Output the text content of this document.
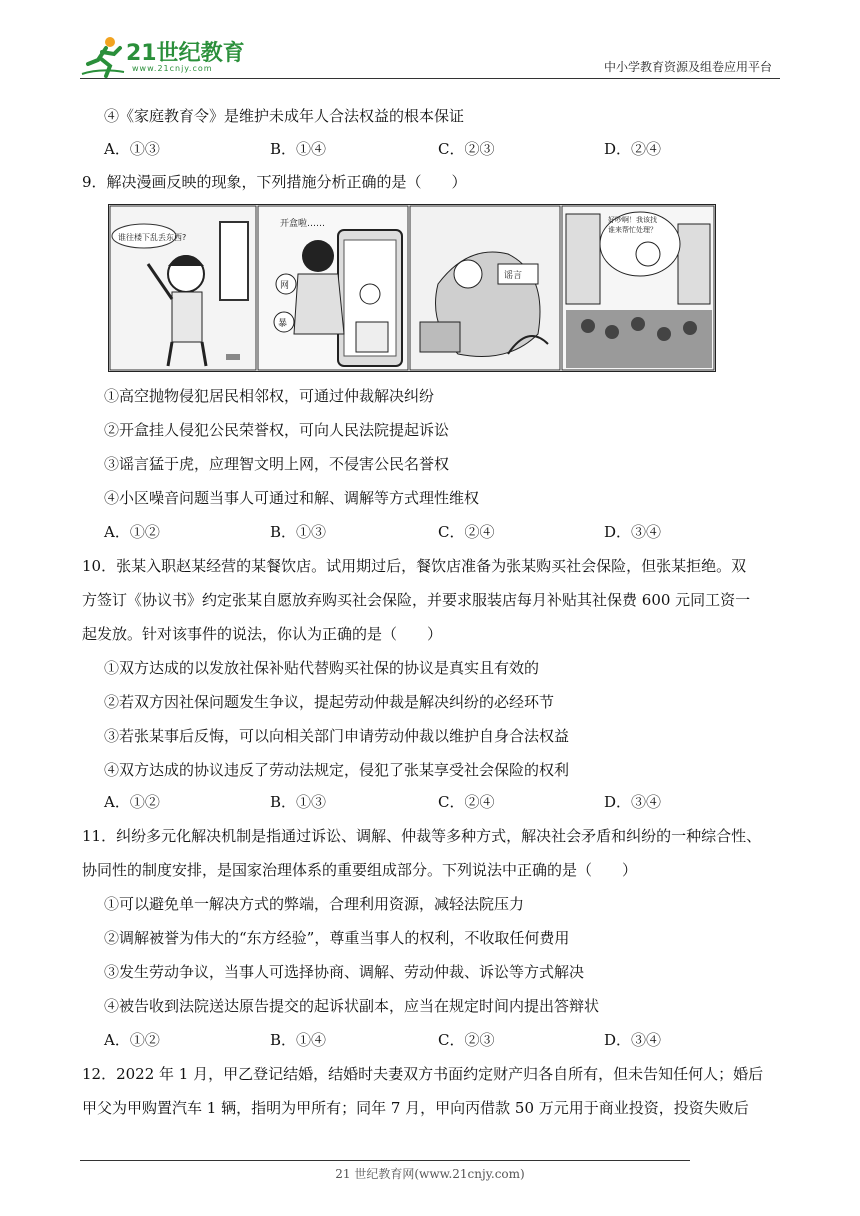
21世纪教育
www.21cnjy.com	中小学教育资源及组卷应用平台
④《家庭教育令》是维护未成年人合法权益的根本保证
A．①③	B．①④	C．②③	D．②④
9．解决漫画反映的现象，下列措施分析正确的是（　　）
谁往楼下乱丢东西?
开盒啦……
网
暴
谣言
好吵啊！我该找
谁来帮忙处理？
①高空抛物侵犯居民相邻权，可通过仲裁解决纠纷
②开盒挂人侵犯公民荣誉权，可向人民法院提起诉讼
③谣言猛于虎，应理智文明上网，不侵害公民名誉权
④小区噪音问题当事人可通过和解、调解等方式理性维权
A．①②	B．①③	C．②④	D．③④
10．张某入职赵某经营的某餐饮店。试用期过后，餐饮店准备为张某购买社会保险，但张某拒绝。双
方签订《协议书》约定张某自愿放弃购买社会保险，并要求服装店每月补贴其社保费 600 元同工资一
起发放。针对该事件的说法，你认为正确的是（　　）
①双方达成的以发放社保补贴代替购买社保的协议是真实且有效的
②若双方因社保问题发生争议，提起劳动仲裁是解决纠纷的必经环节
③若张某事后反悔，可以向相关部门申请劳动仲裁以维护自身合法权益
④双方达成的协议违反了劳动法规定，侵犯了张某享受社会保险的权利
A．①②	B．①③	C．②④	D．③④
11．纠纷多元化解决机制是指通过诉讼、调解、仲裁等多种方式，解决社会矛盾和纠纷的一种综合性、
协同性的制度安排，是国家治理体系的重要组成部分。下列说法中正确的是（　　）
①可以避免单一解决方式的弊端，合理利用资源，减轻法院压力
②调解被誉为伟大的“东方经验”，尊重当事人的权利，不收取任何费用
③发生劳动争议，当事人可选择协商、调解、劳动仲裁、诉讼等方式解决
④被告收到法院送达原告提交的起诉状副本，应当在规定时间内提出答辩状
A．①②	B．①④	C．②③	D．③④
12．2022 年 1 月，甲乙登记结婚，结婚时夫妻双方书面约定财产归各自所有，但未告知任何人；婚后
甲父为甲购置汽车 1 辆，指明为甲所有；同年 7 月，甲向丙借款 50 万元用于商业投资，投资失败后
21 世纪教育网(www.21cnjy.com)
